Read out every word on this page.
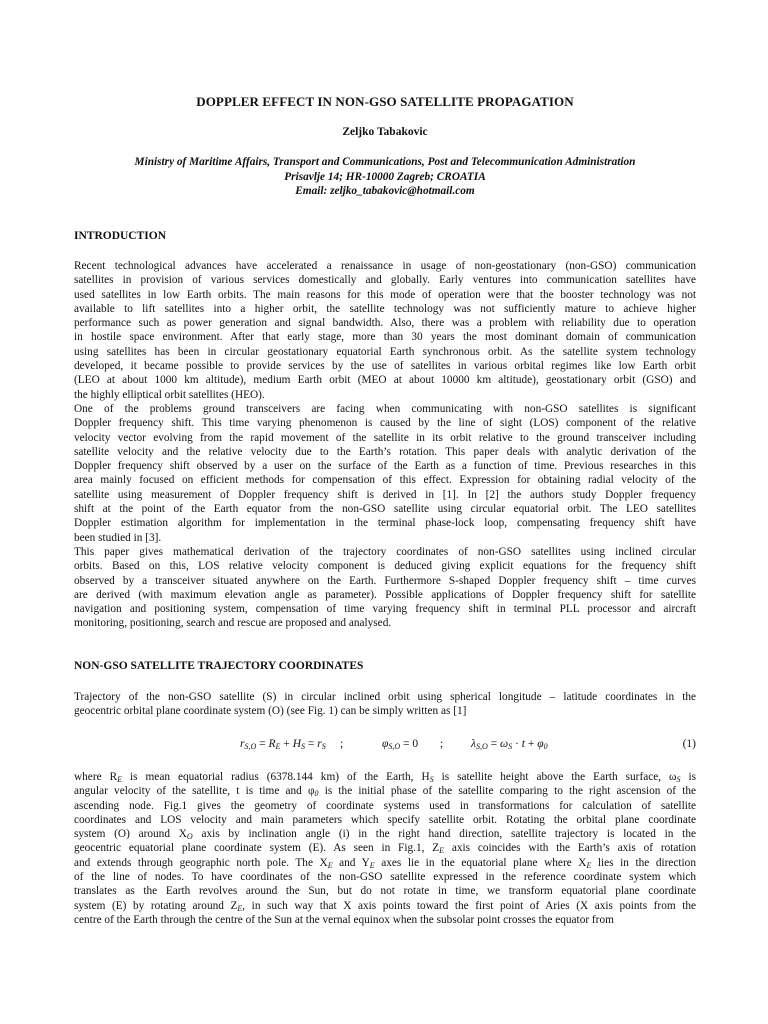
DOPPLER EFFECT IN NON-GSO SATELLITE PROPAGATION
Zeljko Tabakovic
Ministry of Maritime Affairs, Transport and Communications, Post and Telecommunication Administration
Prisavlje 14; HR-10000 Zagreb; CROATIA
Email: zeljko_tabakovic@hotmail.com
INTRODUCTION
Recent technological advances have accelerated a renaissance in usage of non-geostationary (non-GSO) communication
satellites in provision of various services domestically and globally. Early ventures into communication satellites have
used satellites in low Earth orbits. The main reasons for this mode of operation were that the booster technology was not
available to lift satellites into a higher orbit, the satellite technology was not sufficiently mature to achieve higher
performance such as power generation and signal bandwidth. Also, there was a problem with reliability due to operation
in hostile space environment. After that early stage, more than 30 years the most dominant domain of communication
using satellites has been in circular geostationary equatorial Earth synchronous orbit. As the satellite system technology
developed, it became possible to provide services by the use of satellites in various orbital regimes like low Earth orbit
(LEO at about 1000 km altitude), medium Earth orbit (MEO at about 10000 km altitude), geostationary orbit (GSO) and
the highly elliptical orbit satellites (HEO).
One of the problems ground transceivers are facing when communicating with non-GSO satellites is significant
Doppler frequency shift. This time varying phenomenon is caused by the line of sight (LOS) component of the relative
velocity vector evolving from the rapid movement of the satellite in its orbit relative to the ground transceiver including
satellite velocity and the relative velocity due to the Earth’s rotation. This paper deals with analytic derivation of the
Doppler frequency shift observed by a user on the surface of the Earth as a function of time. Previous researches in this
area mainly focused on efficient methods for compensation of this effect. Expression for obtaining radial velocity of the
satellite using measurement of Doppler frequency shift is derived in [1]. In [2] the authors study Doppler frequency
shift at the point of the Earth equator from the non-GSO satellite using circular equatorial orbit. The LEO satellites
Doppler estimation algorithm for implementation in the terminal phase-lock loop, compensating frequency shift have
been studied in [3].
This paper gives mathematical derivation of the trajectory coordinates of non-GSO satellites using inclined circular
orbits. Based on this, LOS relative velocity component is deduced giving explicit equations for the frequency shift
observed by a transceiver situated anywhere on the Earth. Furthermore S-shaped Doppler frequency shift – time curves
are derived (with maximum elevation angle as parameter). Possible applications of Doppler frequency shift for satellite
navigation and positioning system, compensation of time varying frequency shift in terminal PLL processor and aircraft
monitoring, positioning, search and rescue are proposed and analysed.
NON-GSO SATELLITE TRAJECTORY COORDINATES
Trajectory of the non-GSO satellite (S) in circular inclined orbit using spherical longitude – latitude coordinates in the
geocentric orbital plane coordinate system (O) (see Fig. 1) can be simply written as [1]
$r_{S,O} = R_E + H_S = r_S$ ;	$\varphi_{S,O} = 0$ ; $\lambda_{S,O} = \omega_S \cdot t + \varphi_0$	(1)
where $R_E$ is mean equatorial radius (6378.144 km) of the Earth, $H_S$ is satellite height above the Earth surface, $\omega_S$ is
angular velocity of the satellite, t is time and $\varphi_0$ is the initial phase of the satellite comparing to the right ascension of the
ascending node. Fig.1 gives the geometry of coordinate systems used in transformations for calculation of satellite
coordinates and LOS velocity and main parameters which specify satellite orbit. Rotating the orbital plane coordinate
system (O) around $X_O$ axis by inclination angle (i) in the right hand direction, satellite trajectory is located in the
geocentric equatorial plane coordinate system (E). As seen in Fig.1, $Z_E$ axis coincides with the Earth’s axis of rotation
and extends through geographic north pole. The $X_E$ and $Y_E$ axes lie in the equatorial plane where $X_E$ lies in the direction
of the line of nodes. To have coordinates of the non-GSO satellite expressed in the reference coordinate system which
translates as the Earth revolves around the Sun, but do not rotate in time, we transform equatorial plane coordinate
system (E) by rotating around $Z_E$, in such way that X axis points toward the first point of Aries (X axis points from the
centre of the Earth through the centre of the Sun at the vernal equinox when the subsolar point crosses the equator from
